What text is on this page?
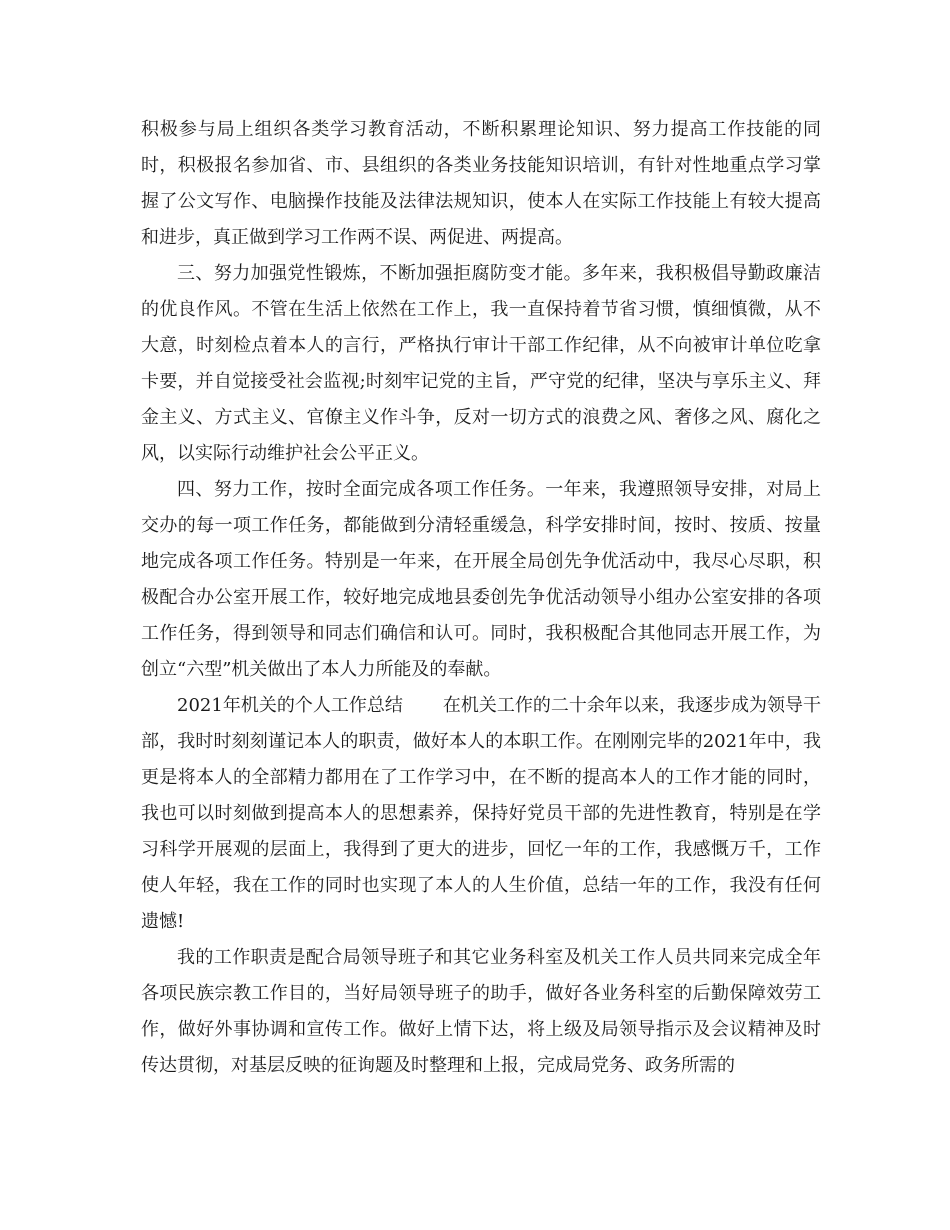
积极参与局上组织各类学习教育活动，不断积累理论知识、努力提高工作技能的同时，积极报名参加省、市、县组织的各类业务技能知识培训，有针对性地重点学习掌握了公文写作、电脑操作技能及法律法规知识，使本人在实际工作技能上有较大提高和进步，真正做到学习工作两不误、两促进、两提高。

三、努力加强党性锻炼，不断加强拒腐防变才能。多年来，我积极倡导勤政廉洁的优良作风。不管在生活上依然在工作上，我一直保持着节省习惯，慎细慎微，从不大意，时刻检点着本人的言行，严格执行审计干部工作纪律，从不向被审计单位吃拿卡要，并自觉接受社会监视;时刻牢记党的主旨，严守党的纪律，坚决与享乐主义、拜金主义、方式主义、官僚主义作斗争，反对一切方式的浪费之风、奢侈之风、腐化之风，以实际行动维护社会公平正义。

四、努力工作，按时全面完成各项工作任务。一年来，我遵照领导安排，对局上交办的每一项工作任务，都能做到分清轻重缓急，科学安排时间，按时、按质、按量地完成各项工作任务。特别是一年来，在开展全局创先争优活动中，我尽心尽职，积极配合办公室开展工作，较好地完成地县委创先争优活动领导小组办公室安排的各项工作任务，得到领导和同志们确信和认可。同时，我积极配合其他同志开展工作，为创立“六型”机关做出了本人力所能及的奉献。

2021年机关的个人工作总结 在机关工作的二十余年以来，我逐步成为领导干部，我时时刻刻谨记本人的职责，做好本人的本职工作。在刚刚完毕的2021年中，我更是将本人的全部精力都用在了工作学习中，在不断的提高本人的工作才能的同时，我也可以时刻做到提高本人的思想素养，保持好党员干部的先进性教育，特别是在学习科学开展观的层面上，我得到了更大的进步，回忆一年的工作，我感慨万千，工作使人年轻，我在工作的同时也实现了本人的人生价值，总结一年的工作，我没有任何遗憾!

我的工作职责是配合局领导班子和其它业务科室及机关工作人员共同来完成全年各项民族宗教工作目的，当好局领导班子的助手，做好各业务科室的后勤保障效劳工作，做好外事协调和宣传工作。做好上情下达，将上级及局领导指示及会议精神及时传达贯彻，对基层反映的征询题及时整理和上报，完成局党务、政务所需的
